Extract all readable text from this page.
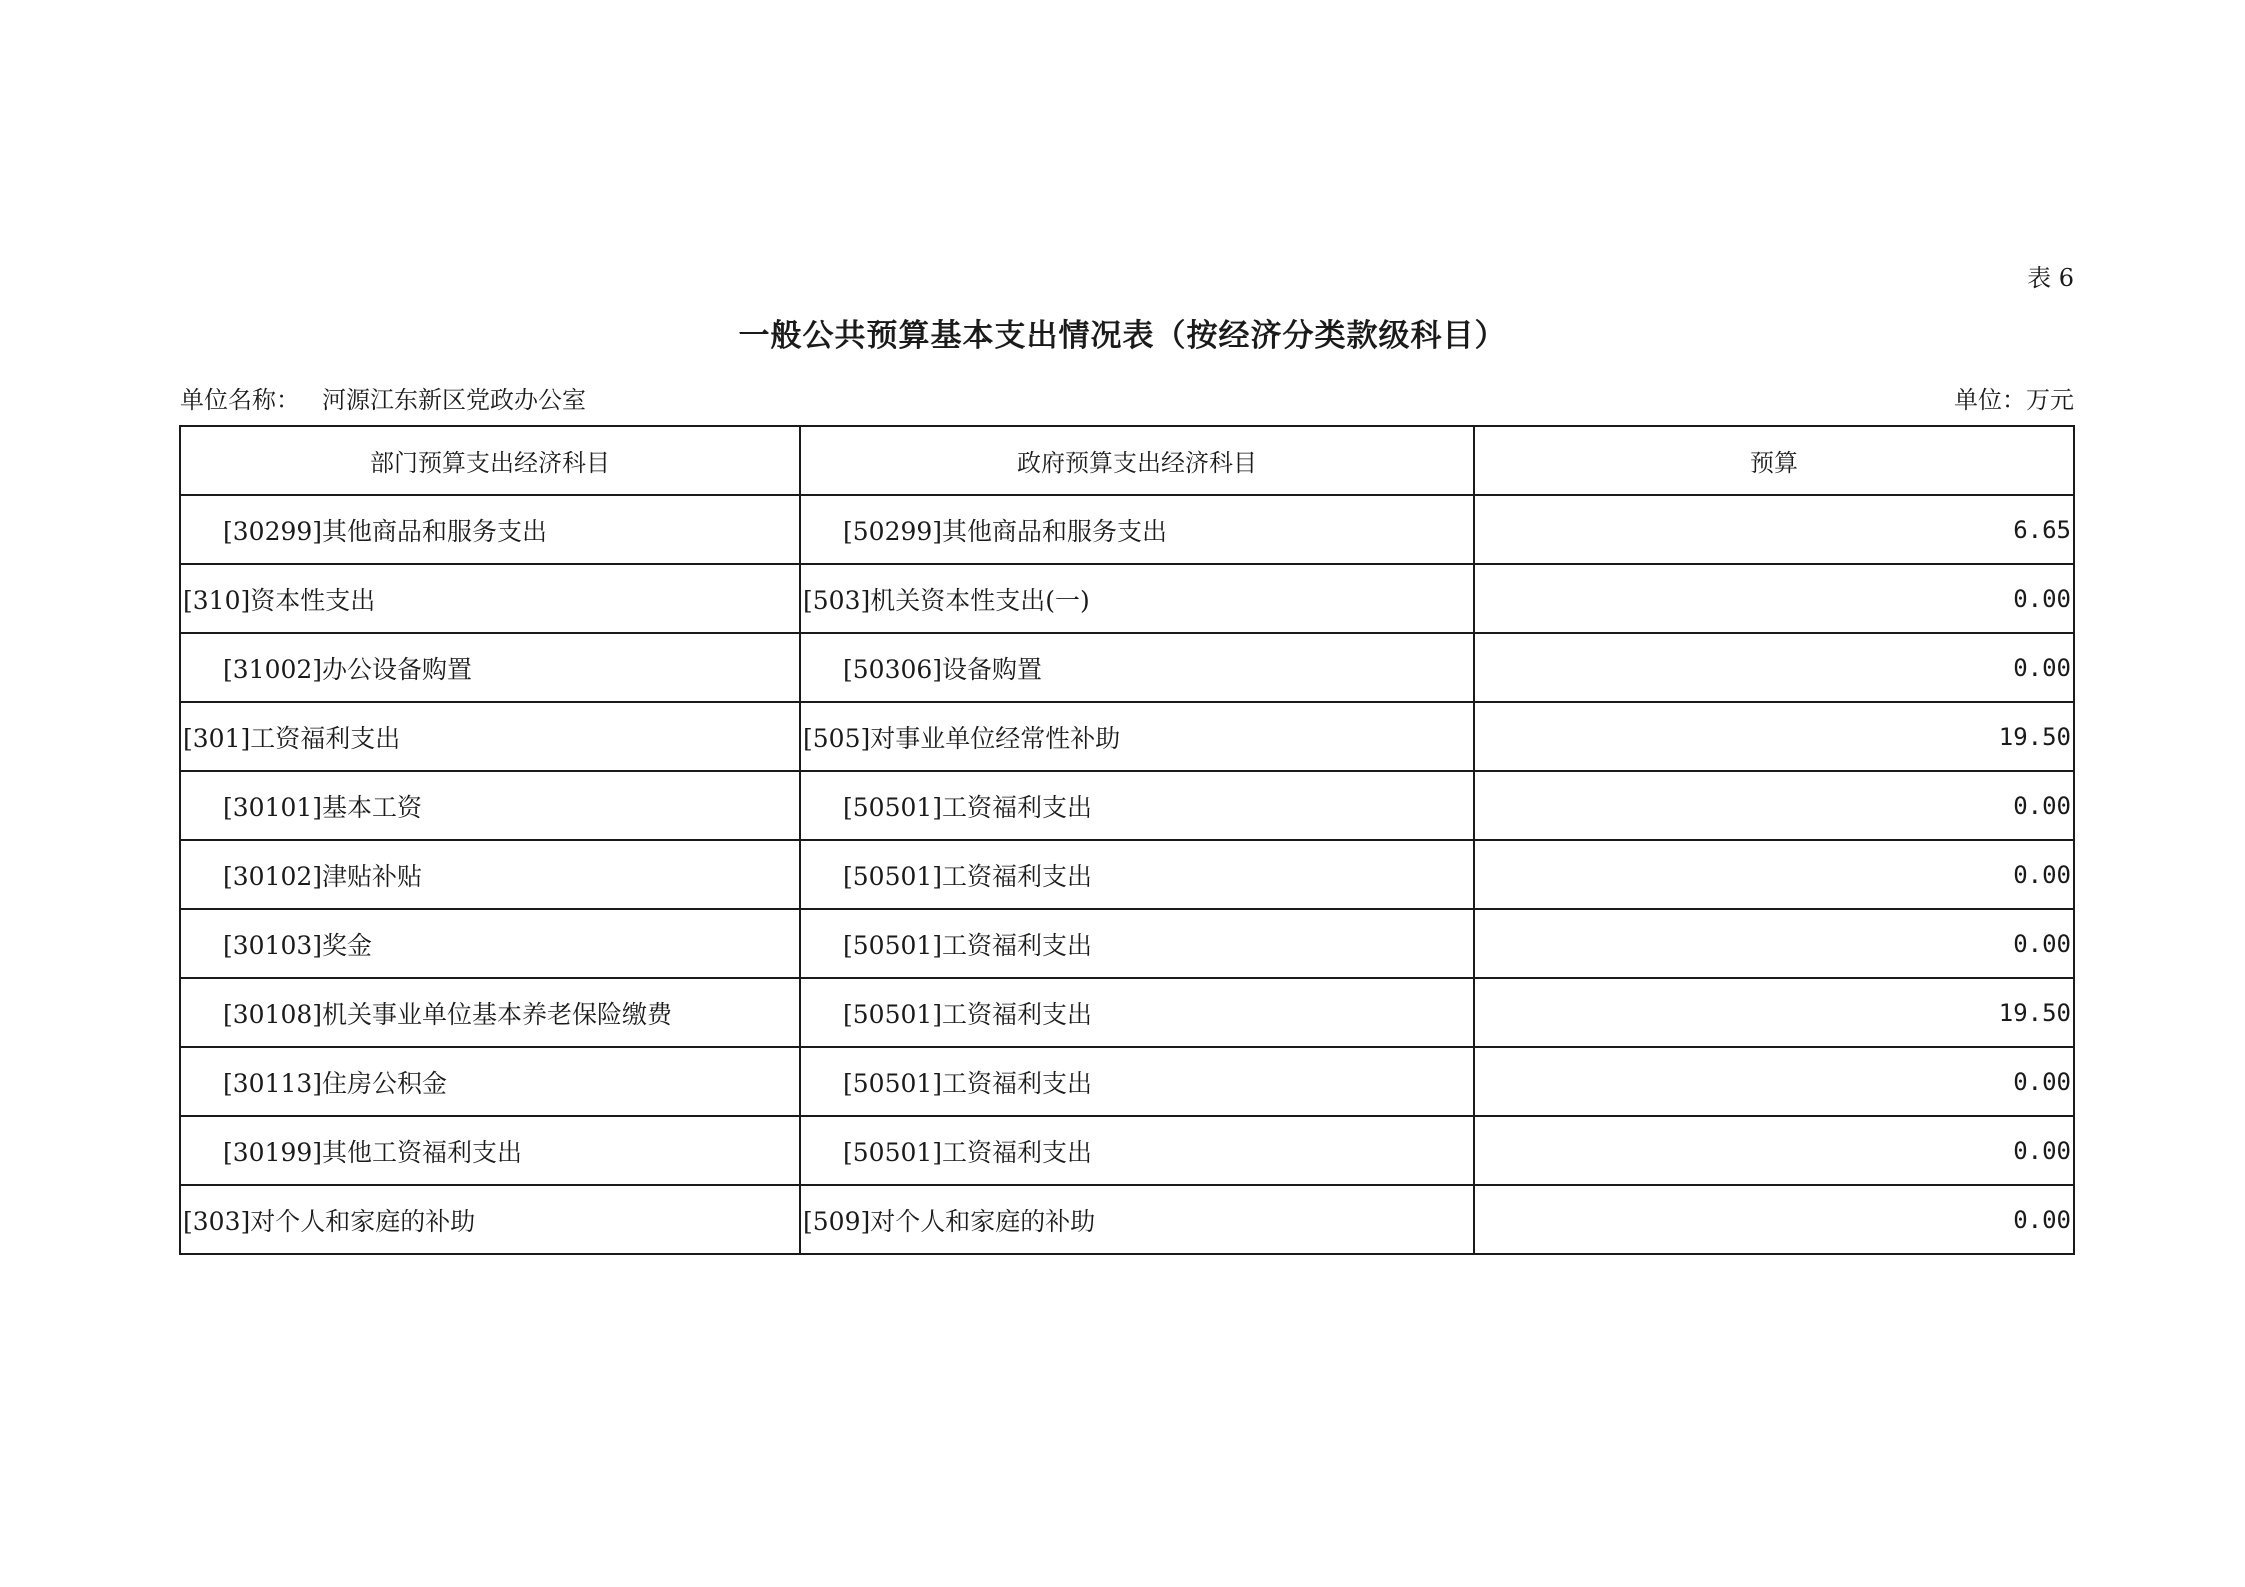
表 6
一般公共预算基本支出情况表（按经济分类款级科目）
单位名称： 河源江东新区党政办公室	单位：万元
部门预算支出经济科目	政府预算支出经济科目	预算
[30299]其他商品和服务支出	[50299]其他商品和服务支出	6.65
[310]资本性支出	[503]机关资本性支出(一)	0.00
[31002]办公设备购置	[50306]设备购置	0.00
[301]工资福利支出	[505]对事业单位经常性补助	19.50
[30101]基本工资	[50501]工资福利支出	0.00
[30102]津贴补贴	[50501]工资福利支出	0.00
[30103]奖金	[50501]工资福利支出	0.00
[30108]机关事业单位基本养老保险缴费	[50501]工资福利支出	19.50
[30113]住房公积金	[50501]工资福利支出	0.00
[30199]其他工资福利支出	[50501]工资福利支出	0.00
[303]对个人和家庭的补助	[509]对个人和家庭的补助	0.00
